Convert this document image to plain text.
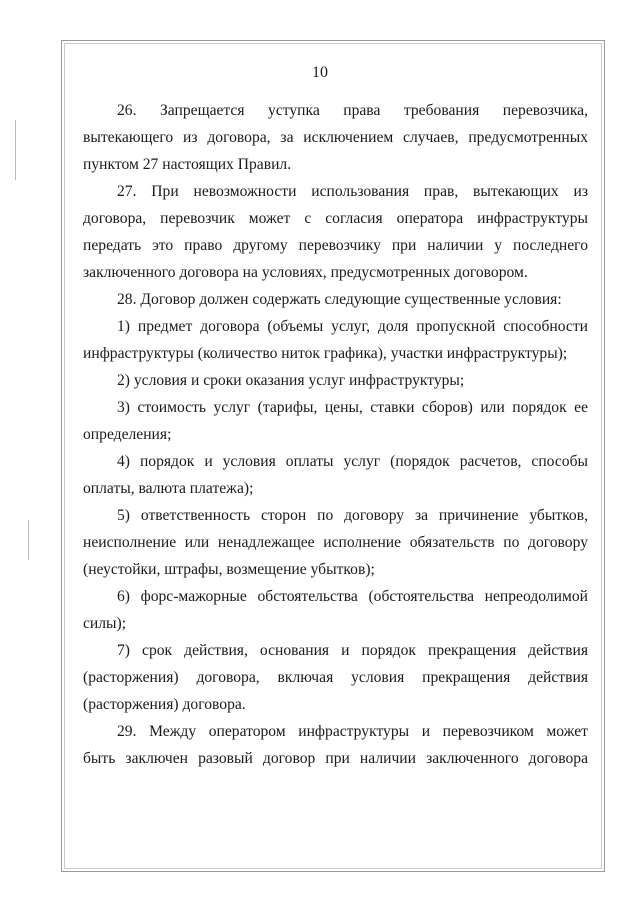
10

26. Запрещается уступка права требования перевозчика,
вытекающего из договора, за исключением случаев, предусмотренных
пунктом 27 настоящих Правил.

27. При невозможности использования прав, вытекающих из
договора, перевозчик может с согласия оператора инфраструктуры
передать это право другому перевозчику при наличии у последнего
заключенного договора на условиях, предусмотренных договором.

28. Договор должен содержать следующие существенные условия:

1) предмет договора (объемы услуг, доля пропускной способности
инфраструктуры (количество ниток графика), участки инфраструктуры);

2) условия и сроки оказания услуг инфраструктуры;

3) стоимость услуг (тарифы, цены, ставки сборов) или порядок ее
определения;

4) порядок и условия оплаты услуг (порядок расчетов, способы
оплаты, валюта платежа);

5) ответственность сторон по договору за причинение убытков,
неисполнение или ненадлежащее исполнение обязательств по договору
(неустойки, штрафы, возмещение убытков);

6) форс-мажорные обстоятельства (обстоятельства непреодолимой
силы);

7) срок действия, основания и порядок прекращения действия
(расторжения) договора, включая условия прекращения действия
(расторжения) договора.

29. Между оператором инфраструктуры и перевозчиком может
быть заключен разовый договор при наличии заключенного договора
